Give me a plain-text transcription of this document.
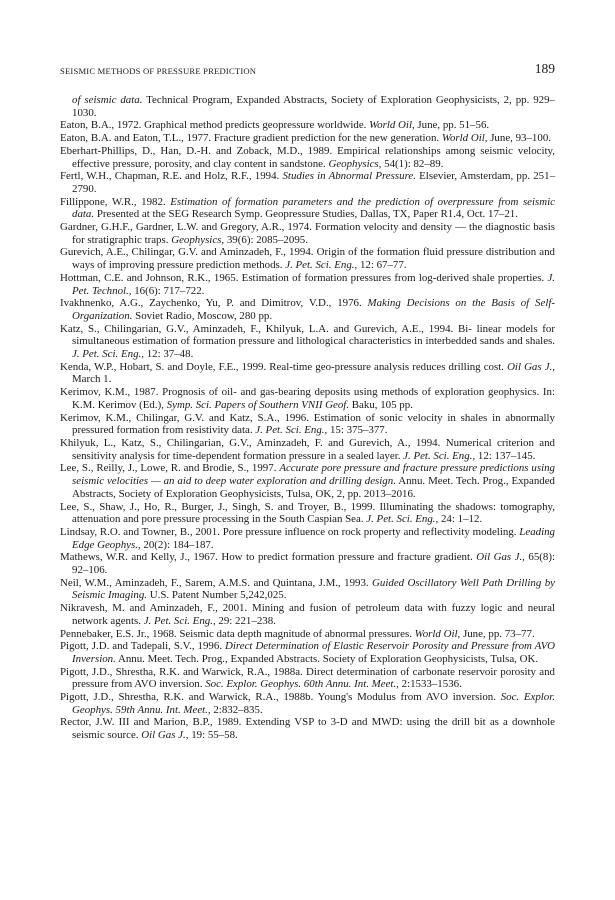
SEISMIC METHODS OF PRESSURE PREDICTION	189

of seismic data. Technical Program, Expanded Abstracts, Society of Exploration Geophysicists, 2, pp. 929–1030.

Eaton, B.A., 1972. Graphical method predicts geopressure worldwide. World Oil, June, pp. 51–56.

Eaton, B.A. and Eaton, T.L., 1977. Fracture gradient prediction for the new generation. World Oil, June, 93–100.

Eberhart-Phillips, D., Han, D.-H. and Zoback, M.D., 1989. Empirical relationships among seismic velocity, effective pressure, porosity, and clay content in sandstone. Geophysics, 54(1): 82–89.

Fertl, W.H., Chapman, R.E. and Holz, R.F., 1994. Studies in Abnormal Pressure. Elsevier, Amsterdam, pp. 251–2790.

Fillippone, W.R., 1982. Estimation of formation parameters and the prediction of overpressure from seismic data. Presented at the SEG Research Symp. Geopressure Studies, Dallas, TX, Paper R1.4, Oct. 17–21.

Gardner, G.H.F., Gardner, L.W. and Gregory, A.R., 1974. Formation velocity and density — the diagnostic basis for stratigraphic traps. Geophysics, 39(6): 2085–2095.

Gurevich, A.E., Chilingar, G.V. and Aminzadeh, F., 1994. Origin of the formation fluid pressure distribution and ways of improving pressure prediction methods. J. Pet. Sci. Eng., 12: 67–77.

Hottman, C.E. and Johnson, R.K., 1965. Estimation of formation pressures from log-derived shale properties. J. Pet. Technol., 16(6): 717–722.

Ivakhnenko, A.G., Zaychenko, Yu, P. and Dimitrov, V.D., 1976. Making Decisions on the Basis of Self-Organization. Soviet Radio, Moscow, 280 pp.

Katz, S., Chilingarian, G.V., Aminzadeh, F., Khilyuk, L.A. and Gurevich, A.E., 1994. Bi- linear models for simultaneous estimation of formation pressure and lithological characteristics in interbedded sands and shales. J. Pet. Sci. Eng., 12: 37–48.

Kenda, W.P., Hobart, S. and Doyle, F.E., 1999. Real-time geo-pressure analysis reduces drilling cost. Oil Gas J., March 1.

Kerimov, K.M., 1987. Prognosis of oil- and gas-bearing deposits using methods of exploration geophysics. In: K.M. Kerimov (Ed.), Symp. Sci. Papers of Southern VNII Geof. Baku, 105 pp.

Kerimov, K.M., Chilingar, G.V. and Katz, S.A., 1996. Estimation of sonic velocity in shales in abnormally pressured formation from resistivity data. J. Pet. Sci. Eng., 15: 375–377.

Khilyuk, L., Katz, S., Chilingarian, G.V., Aminzadeh, F. and Gurevich, A., 1994. Numerical criterion and sensitivity analysis for time-dependent formation pressure in a sealed layer. J. Pet. Sci. Eng., 12: 137–145.

Lee, S., Reilly, J., Lowe, R. and Brodie, S., 1997. Accurate pore pressure and fracture pressure predictions using seismic velocities — an aid to deep water exploration and drilling design. Annu. Meet. Tech. Prog., Expanded Abstracts, Society of Exploration Geophysicists, Tulsa, OK, 2, pp. 2013–2016.

Lee, S., Shaw, J., Ho, R., Burger, J., Singh, S. and Troyer, B., 1999. Illuminating the shadows: tomography, attenuation and pore pressure processing in the South Caspian Sea. J. Pet. Sci. Eng., 24: 1–12.

Lindsay, R.O. and Towner, B., 2001. Pore pressure influence on rock property and reflectivity modeling. Leading Edge Geophys., 20(2): 184–187.

Mathews, W.R. and Kelly, J., 1967. How to predict formation pressure and fracture gradient. Oil Gas J., 65(8): 92–106.

Neil, W.M., Aminzadeh, F., Sarem, A.M.S. and Quintana, J.M., 1993. Guided Oscillatory Well Path Drilling by Seismic Imaging. U.S. Patent Number 5,242,025.

Nikravesh, M. and Aminzadeh, F., 2001. Mining and fusion of petroleum data with fuzzy logic and neural network agents. J. Pet. Sci. Eng., 29: 221–238.

Pennebaker, E.S. Jr., 1968. Seismic data depth magnitude of abnormal pressures. World Oil, June, pp. 73–77.

Pigott, J.D. and Tadepali, S.V., 1996. Direct Determination of Elastic Reservoir Porosity and Pressure from AVO Inversion. Annu. Meet. Tech. Prog., Expanded Abstracts. Society of Exploration Geophysicists, Tulsa, OK.

Pigott, J.D., Shrestha, R.K. and Warwick, R.A., 1988a. Direct determination of carbonate reservoir porosity and pressure from AVO inversion. Soc. Explor. Geophys. 60th Annu. Int. Meet., 2:1533–1536.

Pigott, J.D., Shrestha, R.K. and Warwick, R.A., 1988b. Young's Modulus from AVO inversion. Soc. Explor. Geophys. 59th Annu. Int. Meet., 2:832–835.

Rector, J.W. III and Marion, B.P., 1989. Extending VSP to 3-D and MWD: using the drill bit as a downhole seismic source. Oil Gas J., 19: 55–58.
